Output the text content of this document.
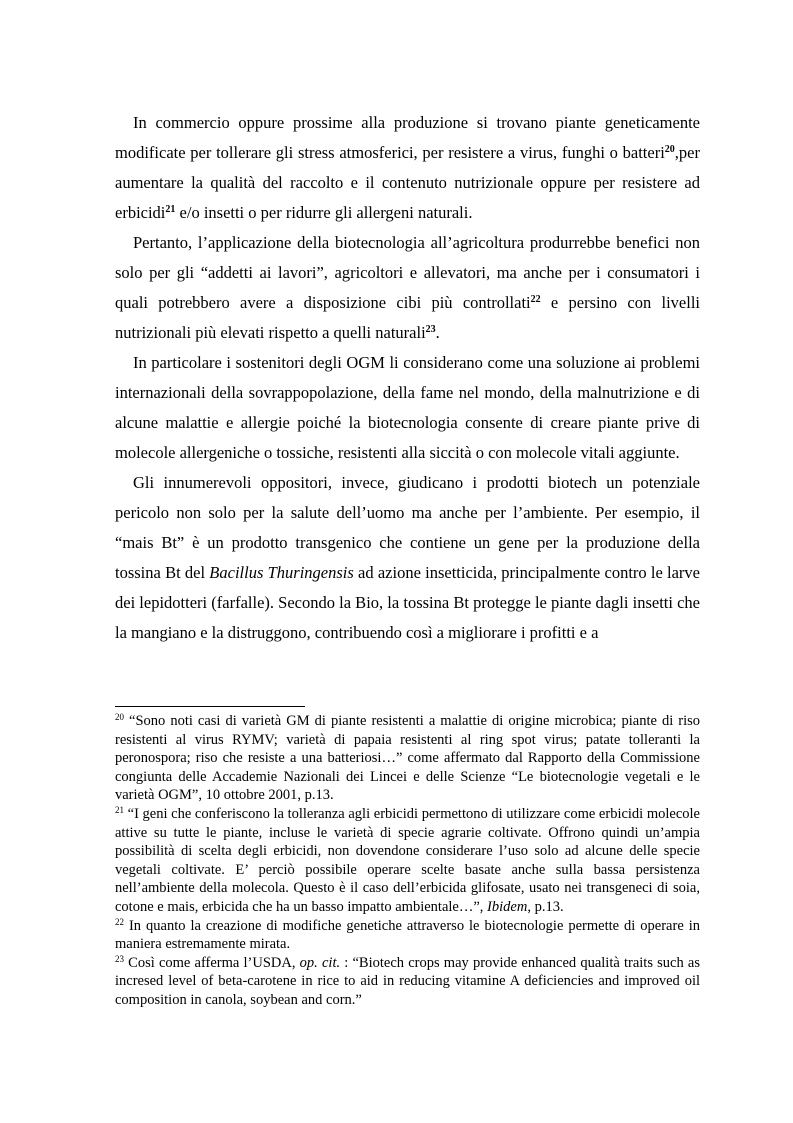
In commercio oppure prossime alla produzione si trovano piante geneticamente modificate per tollerare gli stress atmosferici, per resistere a virus, funghi o batteri$^{20}$,per aumentare la qualità del raccolto e il contenuto nutrizionale oppure per resistere ad erbicidi$^{21}$ e/o insetti o per ridurre gli allergeni naturali.

Pertanto, l’applicazione della biotecnologia all’agricoltura produrrebbe benefici non solo per gli “addetti ai lavori”, agricoltori e allevatori, ma anche per i consumatori i quali potrebbero avere a disposizione cibi più controllati$^{22}$ e persino con livelli nutrizionali più elevati rispetto a quelli naturali$^{23}$.

In particolare i sostenitori degli OGM li considerano come una soluzione ai problemi internazionali della sovrappopolazione, della fame nel mondo, della malnutrizione e di alcune malattie e allergie poiché la biotecnologia consente di creare piante prive di molecole allergeniche o tossiche, resistenti alla siccità o con molecole vitali aggiunte.

Gli innumerevoli oppositori, invece, giudicano i prodotti biotech un potenziale pericolo non solo per la salute dell’uomo ma anche per l’ambiente. Per esempio, il “mais Bt” è un prodotto transgenico che contiene un gene per la produzione della tossina Bt del Bacillus Thuringensis ad azione insetticida, principalmente contro le larve dei lepidotteri (farfalle). Secondo la Bio, la tossina Bt protegge le piante dagli insetti che la mangiano e la distruggono, contribuendo così a migliorare i profitti e a

$^{20}$ “Sono noti casi di varietà GM di piante resistenti a malattie di origine microbica; piante di riso resistenti al virus RYMV; varietà di papaia resistenti al ring spot virus; patate tolleranti la peronospora; riso che resiste a una batteriosi…” come affermato dal Rapporto della Commissione congiunta delle Accademie Nazionali dei Lincei e delle Scienze “Le biotecnologie vegetali e le varietà OGM”, 10 ottobre 2001, p.13.

$^{21}$ “I geni che conferiscono la tolleranza agli erbicidi permettono di utilizzare come erbicidi molecole attive su tutte le piante, incluse le varietà di specie agrarie coltivate. Offrono quindi un’ampia possibilità di scelta degli erbicidi, non dovendone considerare l’uso solo ad alcune delle specie vegetali coltivate. E’ perciò possibile operare scelte basate anche sulla bassa persistenza nell’ambiente della molecola. Questo è il caso dell’erbicida glifosate, usato nei transgeneci di soia, cotone e mais, erbicida che ha un basso impatto ambientale…”, Ibidem, p.13.

$^{22}$ In quanto la creazione di modifiche genetiche attraverso le biotecnologie permette di operare in maniera estremamente mirata.

$^{23}$ Così come afferma l’USDA, op. cit. : “Biotech crops may provide enhanced qualità traits such as incresed level of beta-carotene in rice to aid in reducing vitamine A deficiencies and improved oil composition in canola, soybean and corn.”
